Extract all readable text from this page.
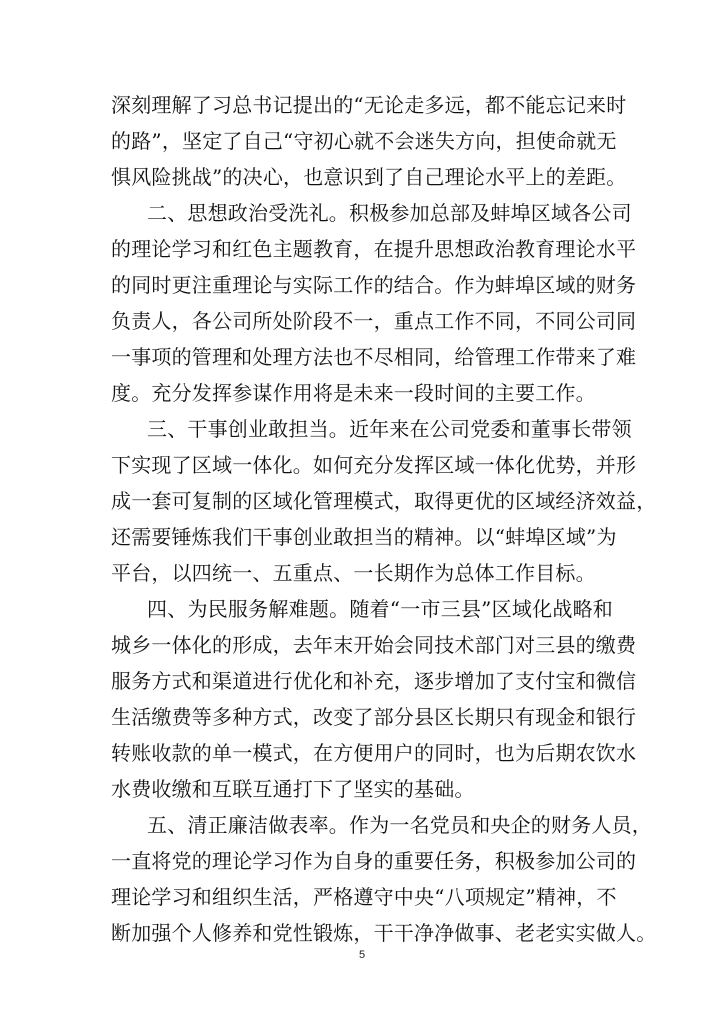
深刻理解了习总书记提出的“无论走多远，都不能忘记来时
的路”，坚定了自己“守初心就不会迷失方向，担使命就无
惧风险挑战”的决心，也意识到了自己理论水平上的差距。
二、思想政治受洗礼。积极参加总部及蚌埠区域各公司
的理论学习和红色主题教育，在提升思想政治教育理论水平
的同时更注重理论与实际工作的结合。作为蚌埠区域的财务
负责人，各公司所处阶段不一，重点工作不同，不同公司同
一事项的管理和处理方法也不尽相同，给管理工作带来了难
度。充分发挥参谋作用将是未来一段时间的主要工作。
三、干事创业敢担当。近年来在公司党委和董事长带领
下实现了区域一体化。如何充分发挥区域一体化优势，并形
成一套可复制的区域化管理模式，取得更优的区域经济效益，
还需要锤炼我们干事创业敢担当的精神。以“蚌埠区域”为
平台，以四统一、五重点、一长期作为总体工作目标。
四、为民服务解难题。随着“一市三县”区域化战略和
城乡一体化的形成，去年末开始会同技术部门对三县的缴费
服务方式和渠道进行优化和补充，逐步增加了支付宝和微信
生活缴费等多种方式，改变了部分县区长期只有现金和银行
转账收款的单一模式，在方便用户的同时，也为后期农饮水
水费收缴和互联互通打下了坚实的基础。
五、清正廉洁做表率。作为一名党员和央企的财务人员，
一直将党的理论学习作为自身的重要任务，积极参加公司的
理论学习和组织生活，严格遵守中央“八项规定”精神，不
断加强个人修养和党性锻炼，干干净净做事、老老实实做人。
5
